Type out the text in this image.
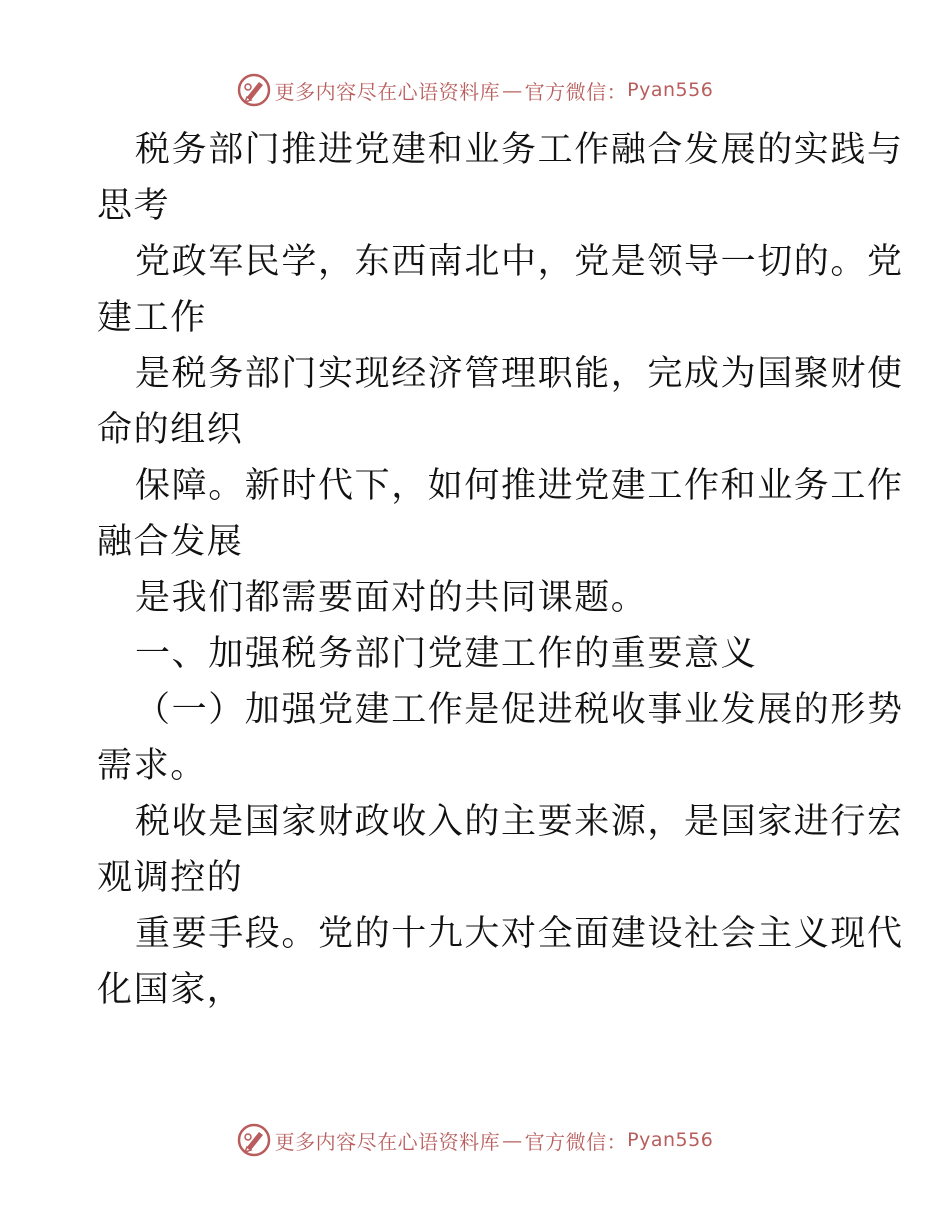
更多内容尽在心语资料库 — 官方微信： Pyan556
税务部门推进党建和业务工作融合发展的实践与
思考
党政军民学，东西南北中，党是领导一切的。党
建工作
是税务部门实现经济管理职能，完成为国聚财使
命的组织
保障。新时代下，如何推进党建工作和业务工作
融合发展
是我们都需要面对的共同课题。
一、加强税务部门党建工作的重要意义
（一）加强党建工作是促进税收事业发展的形势
需求。
税收是国家财政收入的主要来源，是国家进行宏
观调控的
重要手段。党的十九大对全面建设社会主义现代
化国家，
更多内容尽在心语资料库 — 官方微信： Pyan556
